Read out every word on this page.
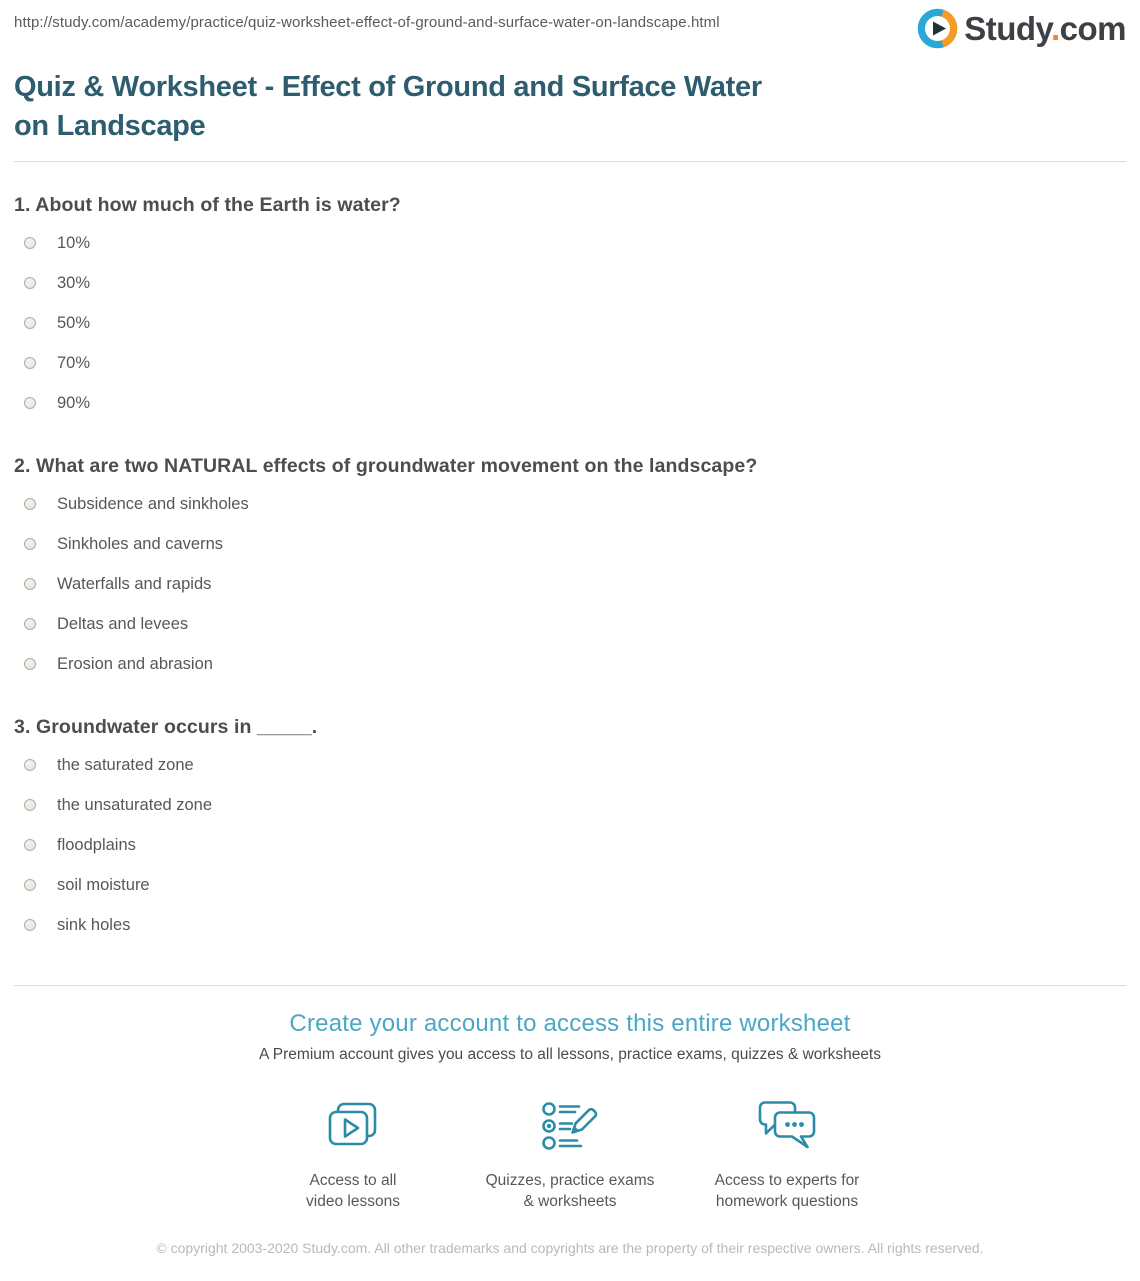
http://study.com/academy/practice/quiz-worksheet-effect-of-ground-and-surface-water-on-landscape.html	Study.com
Quiz & Worksheet - Effect of Ground and Surface Water
on Landscape
1. About how much of the Earth is water?
10%
30%
50%
70%
90%
2. What are two NATURAL effects of groundwater movement on the landscape?
Subsidence and sinkholes
Sinkholes and caverns
Waterfalls and rapids
Deltas and levees
Erosion and abrasion
3. Groundwater occurs in _____.
the saturated zone
the unsaturated zone
floodplains
soil moisture
sink holes
Create your account to access this entire worksheet
A Premium account gives you access to all lessons, practice exams, quizzes & worksheets
Access to all
video lessons
Quizzes, practice exams
& worksheets
Access to experts for
homework questions
© copyright 2003-2020 Study.com. All other trademarks and copyrights are the property of their respective owners. All rights reserved.
